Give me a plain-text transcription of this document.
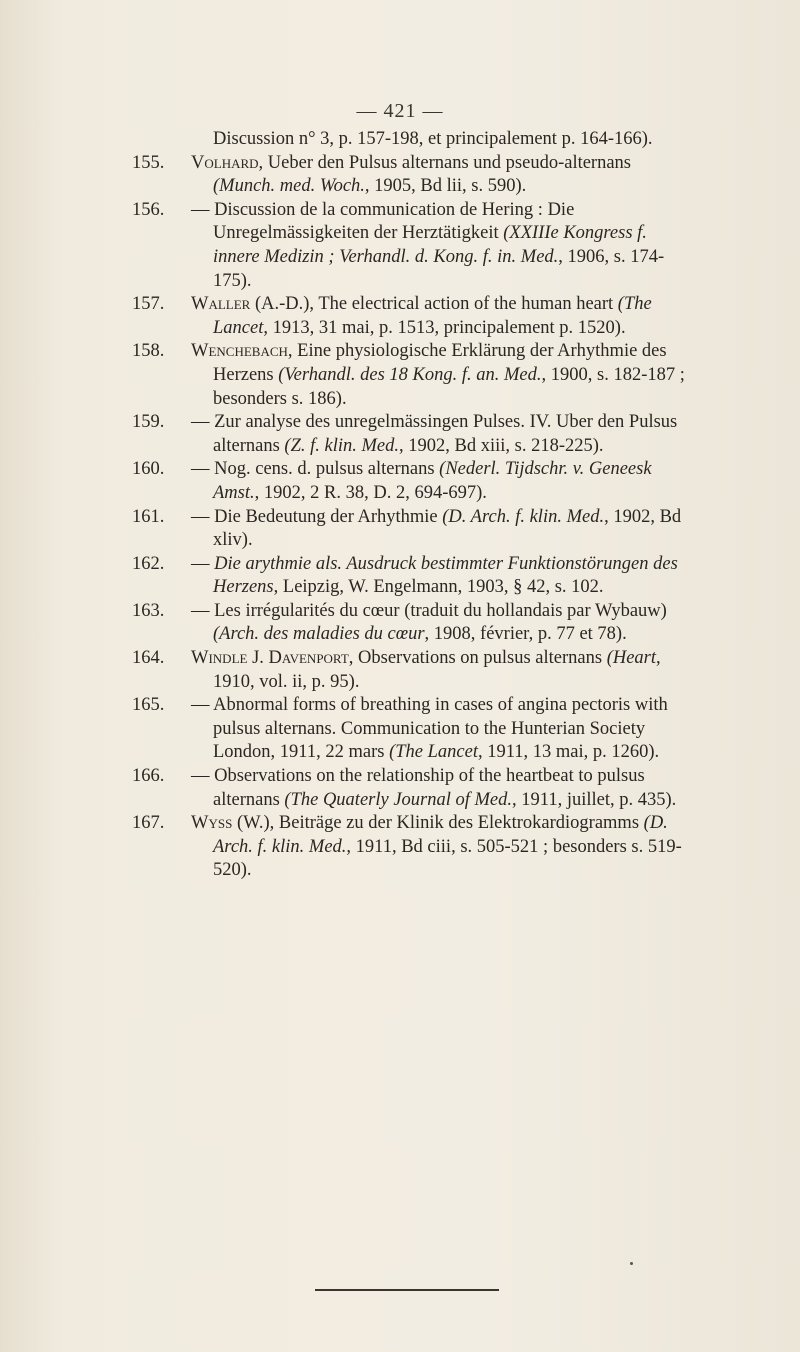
— 421 —
Discussion n° 3, p. 157-198, et principalement p. 164-166).
155.	Volhard, Ueber den Pulsus alternans und pseudo-alternans (Munch. med. Woch., 1905, Bd lii, s. 590).
156.	— Discussion de la communication de Hering : Die Unregelmässigkeiten der Herztätigkeit (XXIIIe Kongress f. innere Medizin ; Verhandl. d. Kong. f. in. Med., 1906, s. 174-175).
157.	Waller (A.-D.), The electrical action of the human heart (The Lancet, 1913, 31 mai, p. 1513, principalement p. 1520).
158.	Wenchebach, Eine physiologische Erklärung der Arhythmie des Herzens (Verhandl. des 18 Kong. f. an. Med., 1900, s. 182-187 ; besonders s. 186).
159.	— Zur analyse des unregelmässingen Pulses. IV. Uber den Pulsus alternans (Z. f. klin. Med., 1902, Bd xiii, s. 218-225).
160.	— Nog. cens. d. pulsus alternans (Nederl. Tijdschr. v. Geneesk Amst., 1902, 2 R. 38, D. 2, 694-697).
161.	— Die Bedeutung der Arhythmie (D. Arch. f. klin. Med., 1902, Bd xliv).
162.	— Die arythmie als. Ausdruck bestimmter Funktionstörungen des Herzens, Leipzig, W. Engelmann, 1903, § 42, s. 102.
163.	— Les irrégularités du cœur (traduit du hollandais par Wybauw) (Arch. des maladies du cœur, 1908, février, p. 77 et 78).
164.	Windle J. Davenport, Observations on pulsus alternans (Heart, 1910, vol. ii, p. 95).
165.	— Abnormal forms of breathing in cases of angina pectoris with pulsus alternans. Communication to the Hunterian Society London, 1911, 22 mars (The Lancet, 1911, 13 mai, p. 1260).
166.	— Observations on the relationship of the heartbeat to pulsus alternans (The Quaterly Journal of Med., 1911, juillet, p. 435).
167.	Wyss (W.), Beiträge zu der Klinik des Elektrokardiogramms (D. Arch. f. klin. Med., 1911, Bd ciii, s. 505-521 ; besonders s. 519-520).
